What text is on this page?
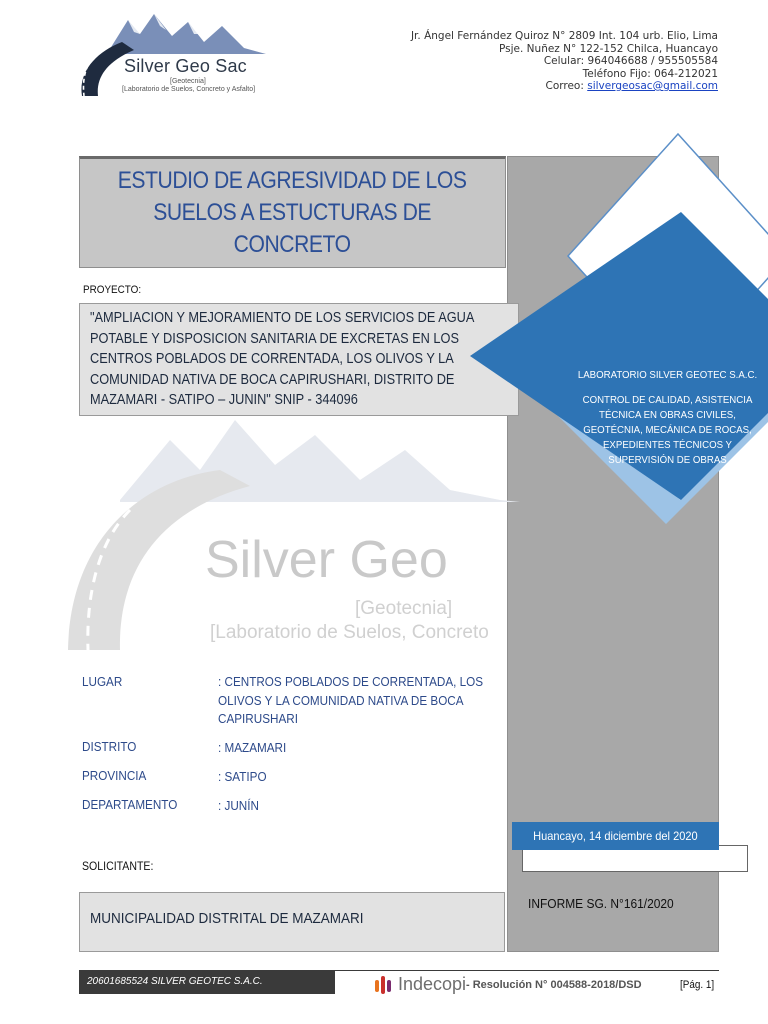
Silver Geo Sac
[Geotecnia]
[Laboratorio de Suelos, Concreto y Asfalto]
Jr. Ángel Fernández Quiroz N° 2809 Int. 104 urb. Elio, Lima
Psje. Nuñez N° 122-152 Chilca, Huancayo
Celular: 964046688 / 955505584
Teléfono Fijo: 064-212021
Correo: silvergeosac@gmail.com
Silver Geo
[Geotecnia]
[Laboratorio de Suelos, Concreto
ESTUDIO DE AGRESIVIDAD DE LOS
SUELOS A ESTUCTURAS DE
CONCRETO
PROYECTO:
"AMPLIACION Y MEJORAMIENTO DE LOS SERVICIOS DE AGUA
POTABLE Y DISPOSICION SANITARIA DE EXCRETAS EN LOS
CENTROS POBLADOS DE CORRENTADA, LOS OLIVOS Y LA
COMUNIDAD NATIVA DE BOCA CAPIRUSHARI, DISTRITO DE
MAZAMARI - SATIPO – JUNIN" SNIP - 344096
LABORATORIO SILVER GEOTEC S.A.C.
CONTROL DE CALIDAD, ASISTENCIA
TÉCNICA EN OBRAS CIVILES,
GEOTÉCNIA, MECÁNICA DE ROCAS,
EXPEDIENTES TÉCNICOS Y
SUPERVISIÓN DE OBRAS
LUGAR	: CENTROS POBLADOS DE CORRENTADA, LOS
OLIVOS Y LA COMUNIDAD NATIVA DE BOCA
CAPIRUSHARI
DISTRITO	: MAZAMARI
PROVINCIA	: SATIPO
DEPARTAMENTO	: JUNÍN
Huancayo, 14 diciembre del 2020
SOLICITANTE:
MUNICIPALIDAD DISTRITAL DE MAZAMARI
INFORME SG. N°161/2020
20601685524 SILVER GEOTEC S.A.C.	Indecopi - Resolución N° 004588-2018/DSD	[Pág. 1]
